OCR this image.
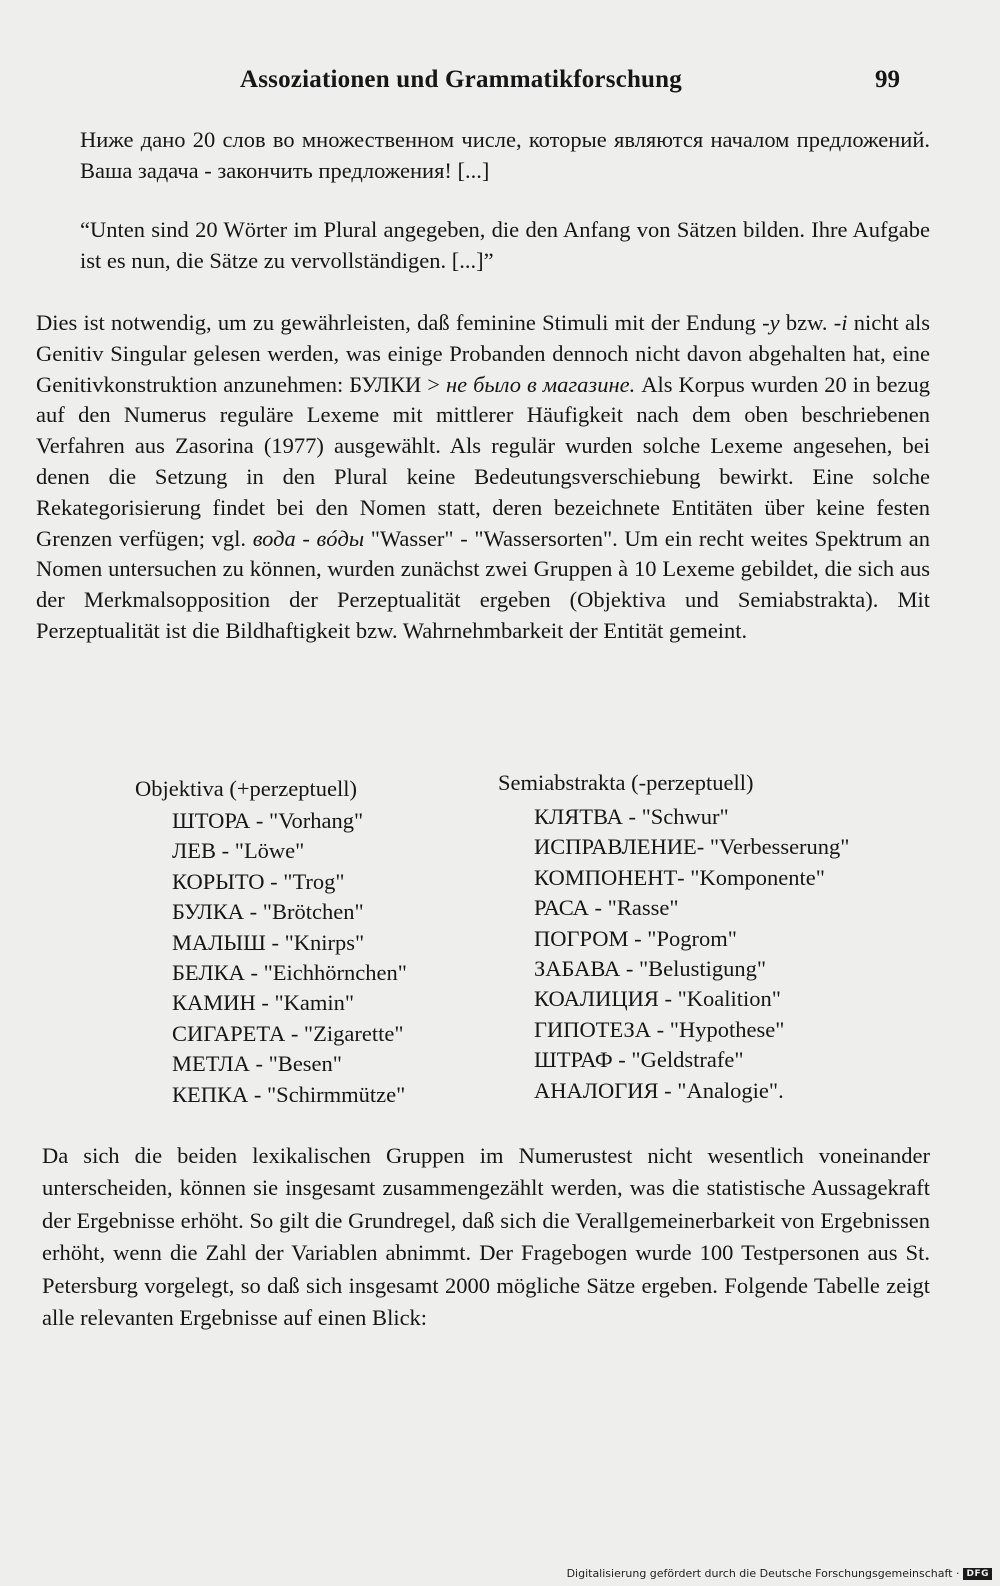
Assoziationen und Grammatikforschung	99

Ниже дано 20 слов во множественном числе, которые являются началом предложений. Ваша задача - закончить предложения! [...]

“Unten sind 20 Wörter im Plural angegeben, die den Anfang von Sätzen bilden. Ihre Aufgabe ist es nun, die Sätze zu vervollständigen. [...]”

Dies ist notwendig, um zu gewährleisten, daß feminine Stimuli mit der Endung -y bzw. -i nicht als Genitiv Singular gelesen werden, was einige Probanden dennoch nicht davon abgehalten hat, eine Genitivkonstruktion anzunehmen: БУЛКИ > не было в магазине. Als Korpus wurden 20 in bezug auf den Numerus reguläre Lexeme mit mittlerer Häufigkeit nach dem oben beschriebenen Verfahren aus Zasorina (1977) ausgewählt. Als regulär wurden solche Lexeme angesehen, bei denen die Setzung in den Plural keine Bedeutungsverschiebung bewirkt. Eine solche Rekategorisierung findet bei den Nomen statt, deren bezeichnete Entitäten über keine festen Grenzen verfügen; vgl. вода - вóды "Wasser" - "Wassersorten". Um ein recht weites Spektrum an Nomen untersuchen zu können, wurden zunächst zwei Gruppen à 10 Lexeme gebildet, die sich aus der Merkmalsopposition der Perzeptualität ergeben (Objektiva und Semiabstrakta). Mit Perzeptualität ist die Bildhaftigkeit bzw. Wahrnehmbarkeit der Entität gemeint.

Objektiva (+perzeptuell)
ШТОРА - "Vorhang"
ЛЕВ - "Löwe"
КОРЫТО - "Trog"
БУЛКА - "Brötchen"
МАЛЫШ - "Knirps"
БЕЛКА - "Eichhörnchen"
КАМИН - "Kamin"
СИГАРЕТА - "Zigarette"
МЕТЛА - "Besen"
КЕПКА - "Schirmmütze"
Semiabstrakta (-perzeptuell)
КЛЯТВА - "Schwur"
ИСПРАВЛЕНИЕ- "Verbesserung"
КОМПОНЕНТ- "Komponente"
РАСА - "Rasse"
ПОГРОМ - "Pogrom"
ЗАБАВА - "Belustigung"
КОАЛИЦИЯ - "Koalition"
ГИПОТЕЗА - "Hypothese"
ШТРАФ - "Geldstrafe"
АНАЛОГИЯ - "Analogie".

Da sich die beiden lexikalischen Gruppen im Numerustest nicht wesentlich voneinander unterscheiden, können sie insgesamt zusammengezählt werden, was die statistische Aussagekraft der Ergebnisse erhöht. So gilt die Grundregel, daß sich die Verallgemeinerbarkeit von Ergebnissen erhöht, wenn die Zahl der Variablen abnimmt. Der Fragebogen wurde 100 Testpersonen aus St. Petersburg vorgelegt, so daß sich insgesamt 2000 mögliche Sätze ergeben. Folgende Tabelle zeigt alle relevanten Ergebnisse auf einen Blick:

Digitalisierung gefördert durch die Deutsche Forschungsgemeinschaft · DFG
